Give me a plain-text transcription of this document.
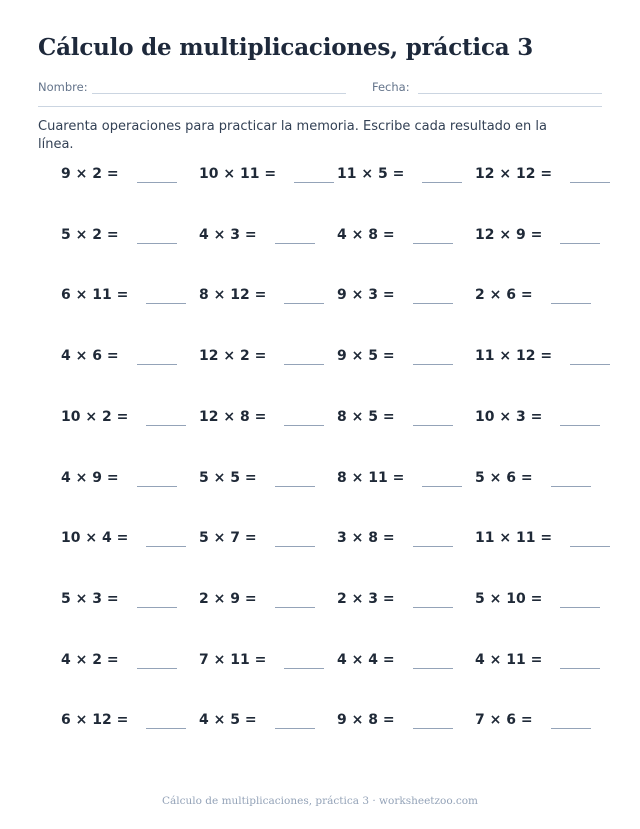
Cálculo de multiplicaciones, práctica 3
Nombre:	Fecha:

Cuarenta operaciones para practicar la memoria. Escribe cada resultado en la línea.

9 × 2 =	10 × 11 =	11 × 5 =	12 × 12 =
5 × 2 =	4 × 3 =	4 × 8 =	12 × 9 =
6 × 11 =	8 × 12 =	9 × 3 =	2 × 6 =
4 × 6 =	12 × 2 =	9 × 5 =	11 × 12 =
10 × 2 =	12 × 8 =	8 × 5 =	10 × 3 =
4 × 9 =	5 × 5 =	8 × 11 =	5 × 6 =
10 × 4 =	5 × 7 =	3 × 8 =	11 × 11 =
5 × 3 =	2 × 9 =	2 × 3 =	5 × 10 =
4 × 2 =	7 × 11 =	4 × 4 =	4 × 11 =
6 × 12 =	4 × 5 =	9 × 8 =	7 × 6 =
Cálculo de multiplicaciones, práctica 3 · worksheetzoo.com
